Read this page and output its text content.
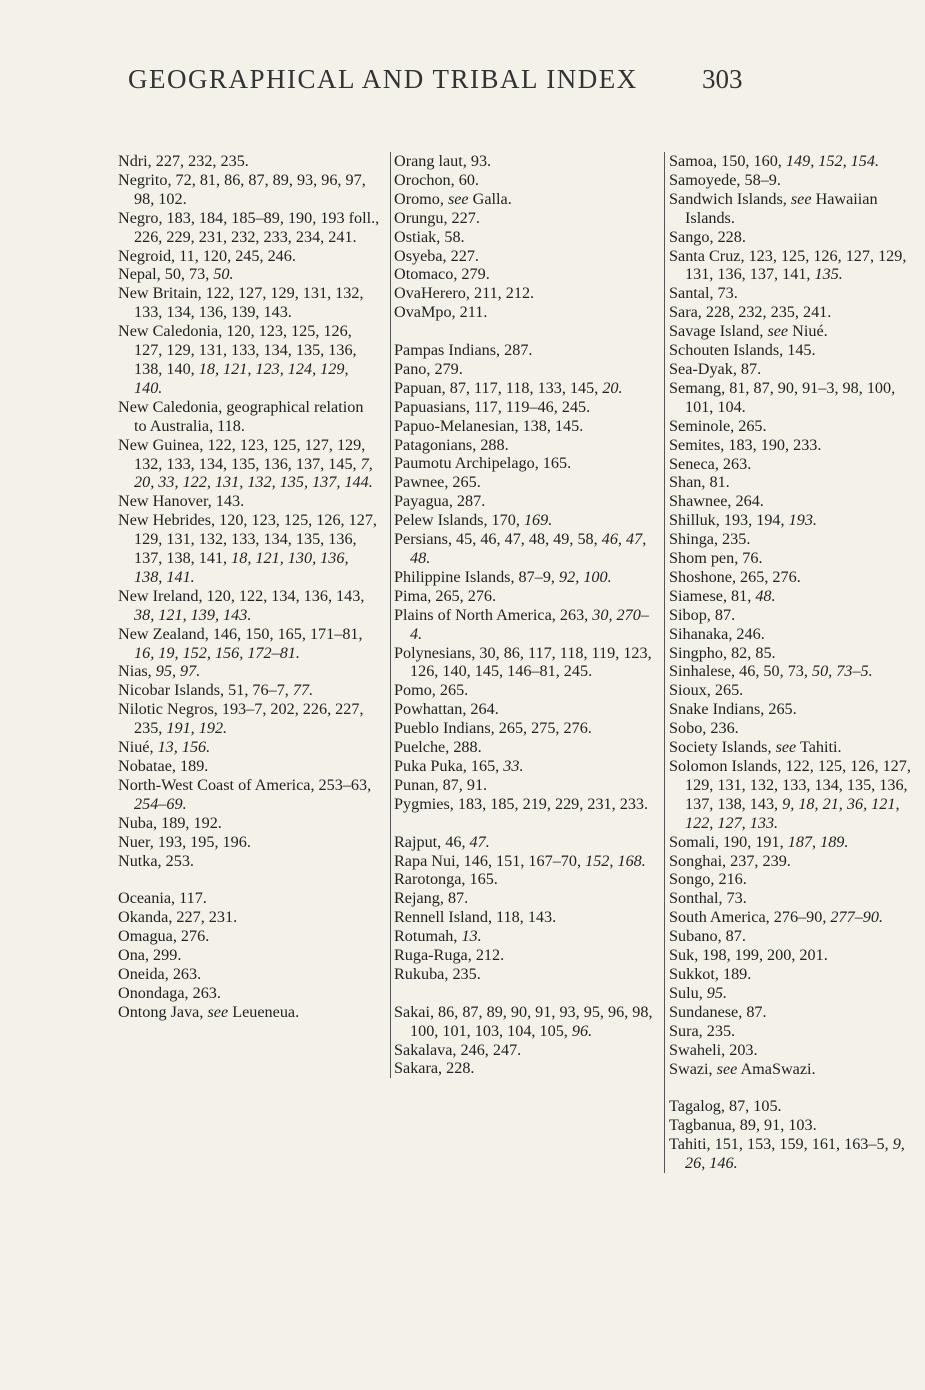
GEOGRAPHICAL AND TRIBAL INDEX 303
Ndri, 227, 232, 235.
Negrito, 72, 81, 86, 87, 89, 93, 96, 97, 98, 102.
Negro, 183, 184, 185–89, 190, 193 foll., 226, 229, 231, 232, 233, 234, 241.
Negroid, 11, 120, 245, 246.
Nepal, 50, 73, 50.
New Britain, 122, 127, 129, 131, 132, 133, 134, 136, 139, 143.
New Caledonia, 120, 123, 125, 126, 127, 129, 131, 133, 134, 135, 136, 138, 140, 18, 121, 123, 124, 129, 140.
New Caledonia, geographical relation to Australia, 118.
New Guinea, 122, 123, 125, 127, 129, 132, 133, 134, 135, 136, 137, 145, 7, 20, 33, 122, 131, 132, 135, 137, 144.
New Hanover, 143.
New Hebrides, 120, 123, 125, 126, 127, 129, 131, 132, 133, 134, 135, 136, 137, 138, 141, 18, 121, 130, 136, 138, 141.
New Ireland, 120, 122, 134, 136, 143, 38, 121, 139, 143.
New Zealand, 146, 150, 165, 171–81, 16, 19, 152, 156, 172–81.
Nias, 95, 97.
Nicobar Islands, 51, 76–7, 77.
Nilotic Negros, 193–7, 202, 226, 227, 235, 191, 192.
Niué, 13, 156.
Nobatae, 189.
North-West Coast of America, 253–63, 254–69.
Nuba, 189, 192.
Nuer, 193, 195, 196.
Nutka, 253.
Oceania, 117.
Okanda, 227, 231.
Omagua, 276.
Ona, 299.
Oneida, 263.
Onondaga, 263.
Ontong Java, see Leueneua.
Orang laut, 93.
Orochon, 60.
Oromo, see Galla.
Orungu, 227.
Ostiak, 58.
Osyeba, 227.
Otomaco, 279.
OvaHerero, 211, 212.
OvaMpo, 211.
Pampas Indians, 287.
Pano, 279.
Papuan, 87, 117, 118, 133, 145, 20.
Papuasians, 117, 119–46, 245.
Papuo-Melanesian, 138, 145.
Patagonians, 288.
Paumotu Archipelago, 165.
Pawnee, 265.
Payagua, 287.
Pelew Islands, 170, 169.
Persians, 45, 46, 47, 48, 49, 58, 46, 47, 48.
Philippine Islands, 87–9, 92, 100.
Pima, 265, 276.
Plains of North America, 263, 30, 270–4.
Polynesians, 30, 86, 117, 118, 119, 123, 126, 140, 145, 146–81, 245.
Pomo, 265.
Powhattan, 264.
Pueblo Indians, 265, 275, 276.
Puelche, 288.
Puka Puka, 165, 33.
Punan, 87, 91.
Pygmies, 183, 185, 219, 229, 231, 233.
Rajput, 46, 47.
Rapa Nui, 146, 151, 167–70, 152, 168.
Rarotonga, 165.
Rejang, 87.
Rennell Island, 118, 143.
Rotumah, 13.
Ruga-Ruga, 212.
Rukuba, 235.
Sakai, 86, 87, 89, 90, 91, 93, 95, 96, 98, 100, 101, 103, 104, 105, 96.
Sakalava, 246, 247.
Sakara, 228.
Samoa, 150, 160, 149, 152, 154.
Samoyede, 58–9.
Sandwich Islands, see Hawaiian Islands.
Sango, 228.
Santa Cruz, 123, 125, 126, 127, 129, 131, 136, 137, 141, 135.
Santal, 73.
Sara, 228, 232, 235, 241.
Savage Island, see Niué.
Schouten Islands, 145.
Sea-Dyak, 87.
Semang, 81, 87, 90, 91–3, 98, 100, 101, 104.
Seminole, 265.
Semites, 183, 190, 233.
Seneca, 263.
Shan, 81.
Shawnee, 264.
Shilluk, 193, 194, 193.
Shinga, 235.
Shom pen, 76.
Shoshone, 265, 276.
Siamese, 81, 48.
Sibop, 87.
Sihanaka, 246.
Singpho, 82, 85.
Sinhalese, 46, 50, 73, 50, 73–5.
Sioux, 265.
Snake Indians, 265.
Sobo, 236.
Society Islands, see Tahiti.
Solomon Islands, 122, 125, 126, 127, 129, 131, 132, 133, 134, 135, 136, 137, 138, 143, 9, 18, 21, 36, 121, 122, 127, 133.
Somali, 190, 191, 187, 189.
Songhai, 237, 239.
Songo, 216.
Sonthal, 73.
South America, 276–90, 277–90.
Subano, 87.
Suk, 198, 199, 200, 201.
Sukkot, 189.
Sulu, 95.
Sundanese, 87.
Sura, 235.
Swaheli, 203.
Swazi, see AmaSwazi.
Tagalog, 87, 105.
Tagbanua, 89, 91, 103.
Tahiti, 151, 153, 159, 161, 163–5, 9, 26, 146.
